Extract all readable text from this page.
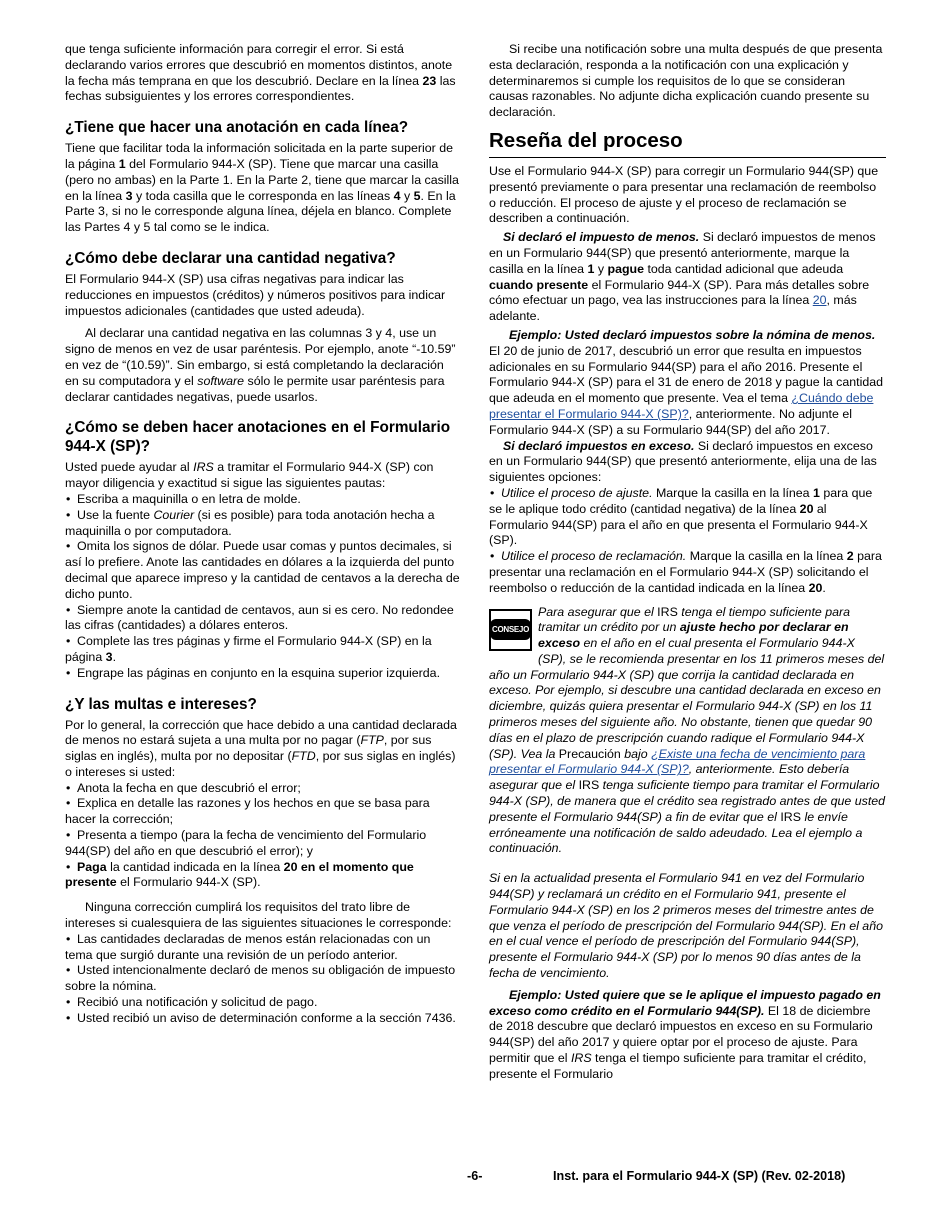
que tenga suficiente información para corregir el error. Si está declarando varios errores que descubrió en momentos distintos, anote la fecha más temprana en que los descubrió. Declare en la línea 23 las fechas subsiguientes y los errores correspondientes.

¿Tiene que hacer una anotación en cada línea?

Tiene que facilitar toda la información solicitada en la parte superior de la página 1 del Formulario 944-X (SP). Tiene que marcar una casilla (pero no ambas) en la Parte 1. En la Parte 2, tiene que marcar la casilla en la línea 3 y toda casilla que le corresponda en las líneas 4 y 5. En la Parte 3, si no le corresponde alguna línea, déjela en blanco. Complete las Partes 4 y 5 tal como se le indica.

¿Cómo debe declarar una cantidad negativa?

El Formulario 944-X (SP) usa cifras negativas para indicar las reducciones en impuestos (créditos) y números positivos para indicar impuestos adicionales (cantidades que usted adeuda).

Al declarar una cantidad negativa en las columnas 3 y 4, use un signo de menos en vez de usar paréntesis. Por ejemplo, anote “-10.59” en vez de “(10.59)”. Sin embargo, si está completando la declaración en su computadora y el software sólo le permite usar paréntesis para declarar cantidades negativas, puede usarlos.

¿Cómo se deben hacer anotaciones en el Formulario 944-X (SP)?

Usted puede ayudar al IRS a tramitar el Formulario 944-X (SP) con mayor diligencia y exactitud si sigue las siguientes pautas:

• Escriba a maquinilla o en letra de molde.
• Use la fuente Courier (si es posible) para toda anotación hecha a maquinilla o por computadora.
• Omita los signos de dólar. Puede usar comas y puntos decimales, si así lo prefiere. Anote las cantidades en dólares a la izquierda del punto decimal que aparece impreso y la cantidad de centavos a la derecha de dicho punto.
• Siempre anote la cantidad de centavos, aun si es cero. No redondee las cifras (cantidades) a dólares enteros.
• Complete las tres páginas y firme el Formulario 944-X (SP) en la página 3.
• Engrape las páginas en conjunto en la esquina superior izquierda.
¿Y las multas e intereses?

Por lo general, la corrección que hace debido a una cantidad declarada de menos no estará sujeta a una multa por no pagar (FTP, por sus siglas en inglés), multa por no depositar (FTD, por sus siglas en inglés) o intereses si usted:

• Anota la fecha en que descubrió el error;
• Explica en detalle las razones y los hechos en que se basa para hacer la corrección;
• Presenta a tiempo (para la fecha de vencimiento del Formulario 944(SP) del año en que descubrió el error); y
• Paga la cantidad indicada en la línea 20 en el momento que presente el Formulario 944-X (SP).

Ninguna corrección cumplirá los requisitos del trato libre de intereses si cualesquiera de las siguientes situaciones le corresponde:

• Las cantidades declaradas de menos están relacionadas con un tema que surgió durante una revisión de un período anterior.
• Usted intencionalmente declaró de menos su obligación de impuesto sobre la nómina.
• Recibió una notificación y solicitud de pago.
• Usted recibió un aviso de determinación conforme a la sección 7436.

Si recibe una notificación sobre una multa después de que presenta esta declaración, responda a la notificación con una explicación y determinaremos si cumple los requisitos de lo que se consideran causas razonables. No adjunte dicha explicación cuando presente su declaración.

Reseña del proceso

Use el Formulario 944-X (SP) para corregir un Formulario 944(SP) que presentó previamente o para presentar una reclamación de reembolso o reducción. El proceso de ajuste y el proceso de reclamación se describen a continuación.

Si declaró el impuesto de menos. Si declaró impuestos de menos en un Formulario 944(SP) que presentó anteriormente, marque la casilla en la línea 1 y pague toda cantidad adicional que adeuda cuando presente el Formulario 944-X (SP). Para más detalles sobre cómo efectuar un pago, vea las instrucciones para la línea 20, más adelante.

Ejemplo: Usted declaró impuestos sobre la nómina de menos. El 20 de junio de 2017, descubrió un error que resulta en impuestos adicionales en su Formulario 944(SP) para el año 2016. Presente el Formulario 944-X (SP) para el 31 de enero de 2018 y pague la cantidad que adeuda en el momento que presente. Vea el tema ¿Cuándo debe presentar el Formulario 944-X (SP)?, anteriormente. No adjunte el Formulario 944-X (SP) a su Formulario 944(SP) del año 2017.

Si declaró impuestos en exceso. Si declaró impuestos en exceso en un Formulario 944(SP) que presentó anteriormente, elija una de las siguientes opciones:

• Utilice el proceso de ajuste. Marque la casilla en la línea 1 para que se le aplique todo crédito (cantidad negativa) de la línea 20 al Formulario 944(SP) para el año en que presenta el Formulario 944-X (SP).
• Utilice el proceso de reclamación. Marque la casilla en la línea 2 para presentar una reclamación en el Formulario 944-X (SP) solicitando el reembolso o reducción de la cantidad indicada en la línea 20.
CONSEJO

Para asegurar que el IRS tenga el tiempo suficiente para tramitar un crédito por un ajuste hecho por declarar en exceso en el año en el cual presenta el Formulario 944-X (SP), se le recomienda presentar en los 11 primeros meses del año un Formulario 944-X (SP) que corrija la cantidad declarada en exceso. Por ejemplo, si descubre una cantidad declarada en exceso en diciembre, quizás quiera presentar el Formulario 944-X (SP) en los 11 primeros meses del siguiente año. No obstante, tienen que quedar 90 días en el plazo de prescripción cuando radique el Formulario 944-X (SP). Vea la Precaución bajo ¿Existe una fecha de vencimiento para presentar el Formulario 944-X (SP)?, anteriormente. Esto debería asegurar que el IRS tenga suficiente tiempo para tramitar el Formulario 944-X (SP), de manera que el crédito sea registrado antes de que usted presente el Formulario 944(SP) a fin de evitar que el IRS le envíe erróneamente una notificación de saldo adeudado. Lea el ejemplo a continuación.

Si en la actualidad presenta el Formulario 941 en vez del Formulario 944(SP) y reclamará un crédito en el Formulario 941, presente el Formulario 944-X (SP) en los 2 primeros meses del trimestre antes de que venza el período de prescripción del Formulario 944(SP). En el año en el cual vence el período de prescripción del Formulario 944(SP), presente el Formulario 944-X (SP) por lo menos 90 días antes de la fecha de vencimiento.

Ejemplo: Usted quiere que se le aplique el impuesto pagado en exceso como crédito en el Formulario 944(SP). El 18 de diciembre de 2018 descubre que declaró impuestos en exceso en su Formulario 944(SP) del año 2017 y quiere optar por el proceso de ajuste. Para permitir que el IRS tenga el tiempo suficiente para tramitar el crédito, presente el Formulario

-6-	Inst. para el Formulario 944-X (SP) (Rev. 02-2018)
